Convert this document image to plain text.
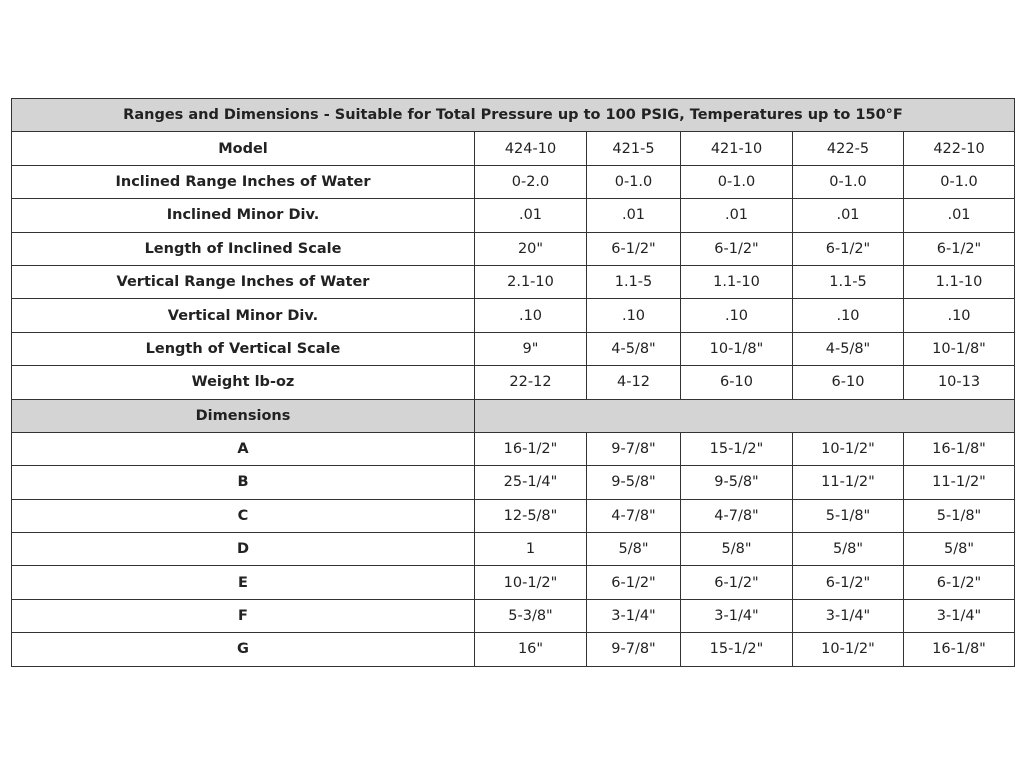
Ranges and Dimensions - Suitable for Total Pressure up to 100 PSIG, Temperatures up to 150°F					
Model	424-10	421-5	421-10	422-5	422-10
Inclined Range Inches of Water	0-2.0	0-1.0	0-1.0	0-1.0	0-1.0
Inclined Minor Div.	.01	.01	.01	.01	.01
Length of Inclined Scale	20"	6-1/2"	6-1/2"	6-1/2"	6-1/2"
Vertical Range Inches of Water	2.1-10	1.1-5	1.1-10	1.1-5	1.1-10
Vertical Minor Div.	.10	.10	.10	.10	.10
Length of Vertical Scale	9"	4-5/8"	10-1/8"	4-5/8"	10-1/8"
Weight lb-oz	22-12	4-12	6-10	6-10	10-13
Dimensions					
A	16-1/2"	9-7/8"	15-1/2"	10-1/2"	16-1/8"
B	25-1/4"	9-5/8"	9-5/8"	11-1/2"	11-1/2"
C	12-5/8"	4-7/8"	4-7/8"	5-1/8"	5-1/8"
D	1	5/8"	5/8"	5/8"	5/8"
E	10-1/2"	6-1/2"	6-1/2"	6-1/2"	6-1/2"
F	5-3/8"	3-1/4"	3-1/4"	3-1/4"	3-1/4"
G	16"	9-7/8"	15-1/2"	10-1/2"	16-1/8"
